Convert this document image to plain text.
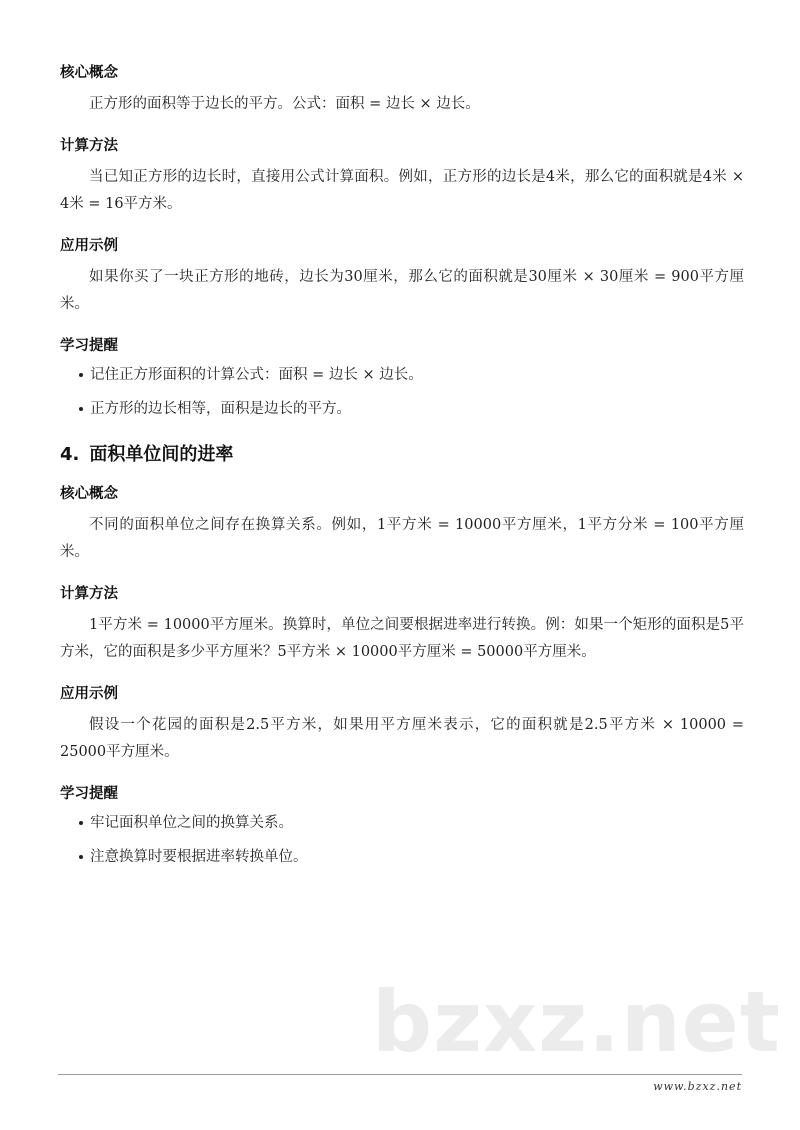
核心概念

正方形的面积等于边长的平方。公式：面积 = 边长 × 边长。

计算方法

当已知正方形的边长时，直接用公式计算面积。例如，正方形的边长是4米，那么它的面积就是4米 × 4米 = 16平方米。

应用示例

如果你买了一块正方形的地砖，边长为30厘米，那么它的面积就是30厘米 × 30厘米 = 900平方厘米。

学习提醒
记住正方形面积的计算公式：面积 = 边长 × 边长。
正方形的边长相等，面积是边长的平方。
4. 面积单位间的进率
核心概念

不同的面积单位之间存在换算关系。例如，1平方米 = 10000平方厘米，1平方分米 = 100平方厘米。

计算方法

1平方米 = 10000平方厘米。换算时，单位之间要根据进率进行转换。例：如果一个矩形的面积是5平方米，它的面积是多少平方厘米？5平方米 × 10000平方厘米 = 50000平方厘米。

应用示例

假设一个花园的面积是2.5平方米，如果用平方厘米表示，它的面积就是2.5平方米 × 10000 = 25000平方厘米。

学习提醒
牢记面积单位之间的换算关系。
注意换算时要根据进率转换单位。
bzxz.net
www.bzxz.net
